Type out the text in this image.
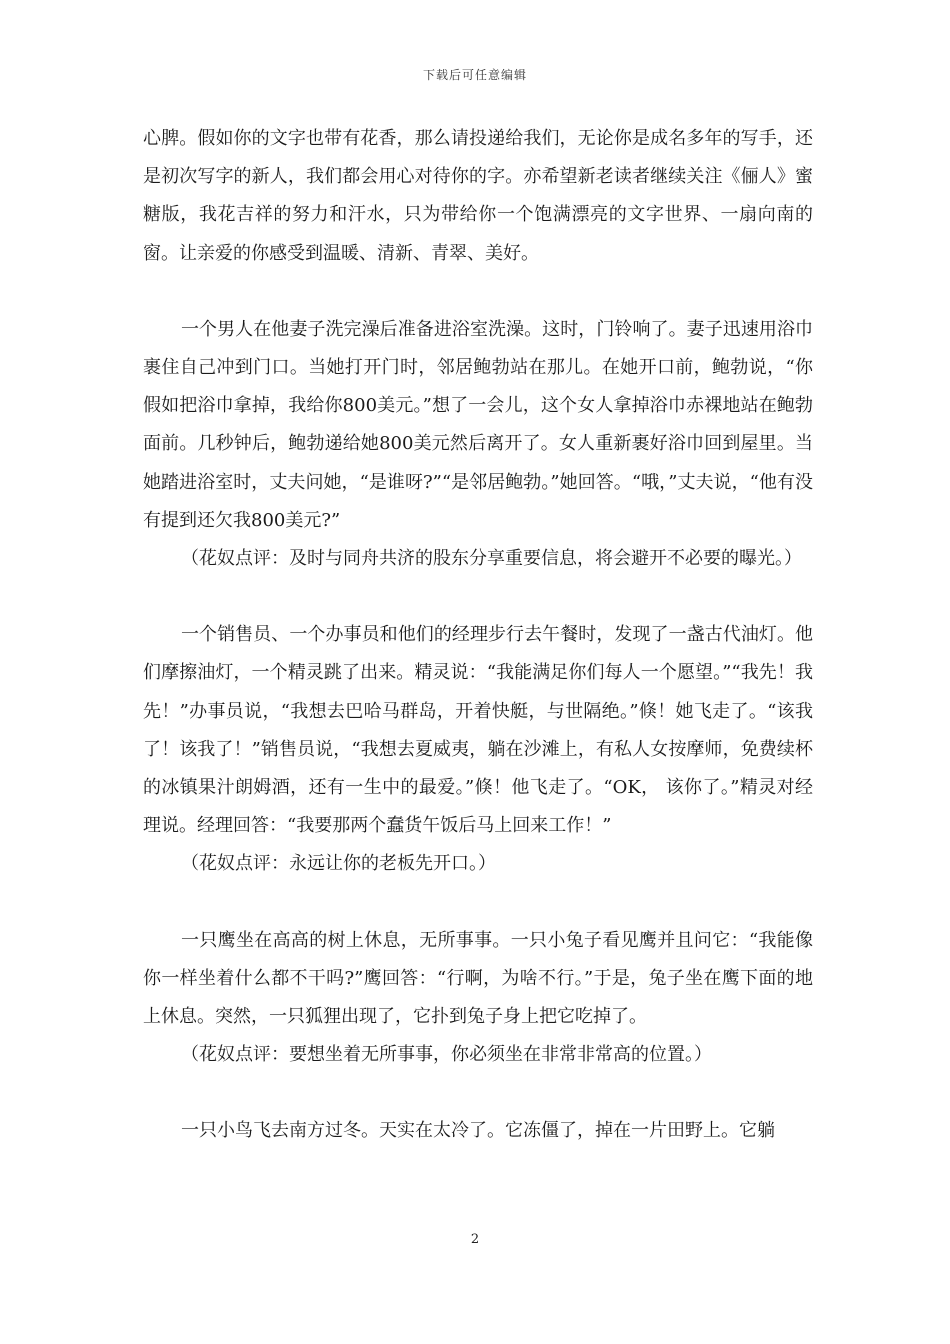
下载后可任意编辑

心脾。假如你的文字也带有花香，那么请投递给我们，无论你是成名多年的写手，还是初次写字的新人，我们都会用心对待你的字。亦希望新老读者继续关注《俪人》蜜糖版，我花吉祥的努力和汗水，只为带给你一个饱满漂亮的文字世界、一扇向南的窗。让亲爱的你感受到温暖、清新、青翠、美好。

一个男人在他妻子洗完澡后准备进浴室洗澡。这时，门铃响了。妻子迅速用浴巾裹住自己冲到门口。当她打开门时，邻居鲍勃站在那儿。在她开口前，鲍勃说，“你假如把浴巾拿掉，我给你800美元。”想了一会儿，这个女人拿掉浴巾赤裸地站在鲍勃面前。几秒钟后，鲍勃递给她800美元然后离开了。女人重新裹好浴巾回到屋里。当她踏进浴室时，丈夫问她，“是谁呀?”“是邻居鲍勃。”她回答。“哦，”丈夫说，“他有没有提到还欠我800美元?”

（花奴点评：及时与同舟共济的股东分享重要信息，将会避开不必要的曝光。）

一个销售员、一个办事员和他们的经理步行去午餐时，发现了一盏古代油灯。他们摩擦油灯，一个精灵跳了出来。精灵说：“我能满足你们每人一个愿望。”“我先！我先！”办事员说，“我想去巴哈马群岛，开着快艇，与世隔绝。”倏！她飞走了。“该我了！该我了！”销售员说，“我想去夏威夷，躺在沙滩上，有私人女按摩师，免费续杯的冰镇果汁朗姆酒，还有一生中的最爱。”倏！他飞走了。“OK， 该你了。”精灵对经理说。经理回答：“我要那两个蠢货午饭后马上回来工作！”

（花奴点评：永远让你的老板先开口。）

一只鹰坐在高高的树上休息，无所事事。一只小兔子看见鹰并且问它：“我能像你一样坐着什么都不干吗?”鹰回答：“行啊，为啥不行。”于是，兔子坐在鹰下面的地上休息。突然，一只狐狸出现了，它扑到兔子身上把它吃掉了。

（花奴点评：要想坐着无所事事，你必须坐在非常非常高的位置。）

一只小鸟飞去南方过冬。天实在太冷了。它冻僵了，掉在一片田野上。它躺

2
